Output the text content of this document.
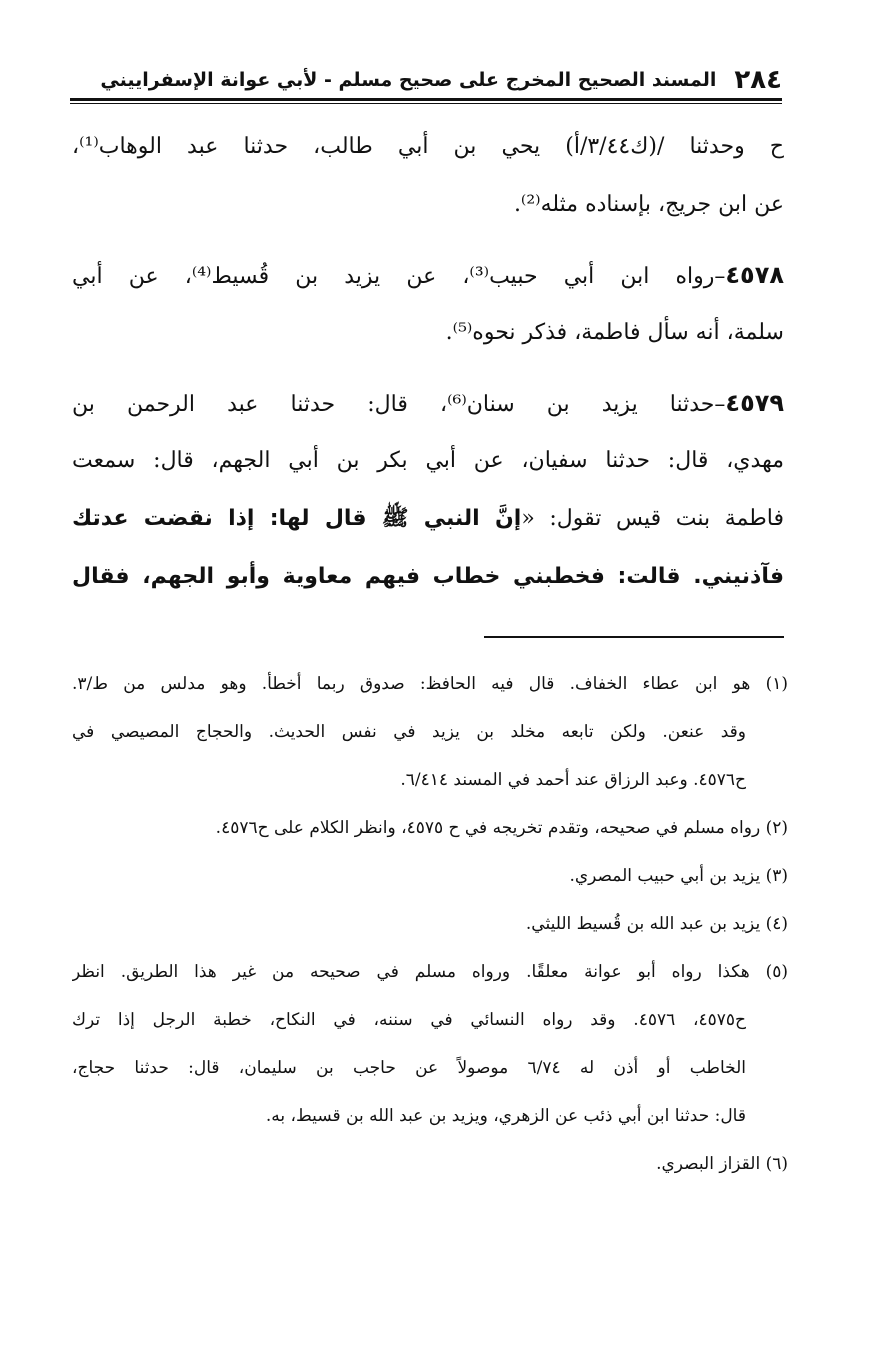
٢٨٤
المسند الصحيح المخرج على صحيح مسلم - لأبي عوانة الإسفراييني
ح وحدثنا /(ك٣/٤٤/أ) يحي بن أبي طالب، حدثنا عبد الوهاب⁽¹⁾،
عن ابن جريج، بإسناده مثله⁽²⁾.
٤٥٧٨–رواه ابن أبي حبيب⁽³⁾، عن يزيد بن قُسيط⁽⁴⁾، عن أبي
سلمة، أنه سأل فاطمة، فذكر نحوه⁽⁵⁾.
٤٥٧٩–حدثنا يزيد بن سنان⁽⁶⁾، قال: حدثنا عبد الرحمن بن
مهدي، قال: حدثنا سفيان، عن أبي بكر بن أبي الجهم، قال: سمعت
فاطمة بنت قيس تقول: «إنَّ النبي ﷺ قال لها: إذا نقضت عدتك
فآذنيني. قالت: فخطبني خطاب فيهم معاوية وأبو الجهم، فقال
(١) هو ابن عطاء الخفاف. قال فيه الحافظ: صدوق ربما أخطأ. وهو مدلس من ط/٣.
وقد عنعن. ولكن تابعه مخلد بن يزيد في نفس الحديث. والحجاج المصيصي في
ح٤٥٧٦. وعبد الرزاق عند أحمد في المسند ٦/٤١٤.
(٢) رواه مسلم في صحيحه، وتقدم تخريجه في ح ٤٥٧٥، وانظر الكلام على ح٤٥٧٦.
(٣) يزيد بن أبي حبيب المصري.
(٤) يزيد بن عبد الله بن قُسيط الليثي.
(٥) هكذا رواه أبو عوانة معلقًا. ورواه مسلم في صحيحه من غير هذا الطريق. انظر
ح٤٥٧٥، ٤٥٧٦. وقد رواه النسائي في سننه، في النكاح، خطبة الرجل إذا ترك
الخاطب أو أذن له ٦/٧٤ موصولاً عن حاجب بن سليمان، قال: حدثنا حجاج،
قال: حدثنا ابن أبي ذئب عن الزهري، ويزيد بن عبد الله بن قسيط، به.
(٦) القزاز البصري.
